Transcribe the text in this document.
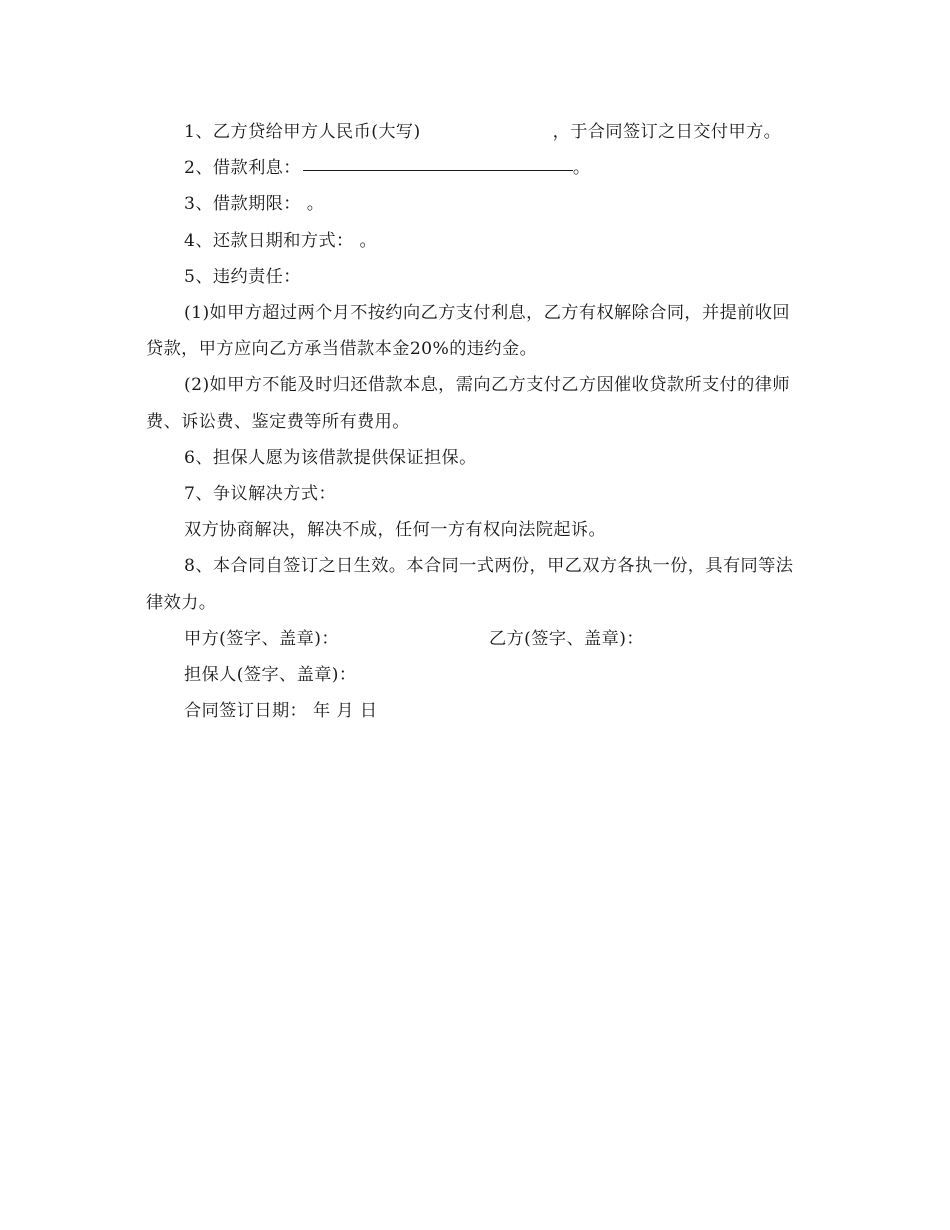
1、乙方贷给甲方人民币(大写)	，于合同签订之日交付甲方。

2、借款利息：	。

3、借款期限： 。

4、还款日期和方式： 。

5、违约责任：

(1)如甲方超过两个月不按约向乙方支付利息，乙方有权解除合同，并提前收回贷款，甲方应向乙方承当借款本金20%的违约金。

(2)如甲方不能及时归还借款本息，需向乙方支付乙方因催收贷款所支付的律师费、诉讼费、鉴定费等所有费用。

6、担保人愿为该借款提供保证担保。

7、争议解决方式：

双方协商解决，解决不成，任何一方有权向法院起诉。

8、本合同自签订之日生效。本合同一式两份，甲乙双方各执一份，具有同等法律效力。

甲方(签字、盖章)：	乙方(签字、盖章)：
担保人(签字、盖章)：
合同签订日期： 年 月 日
